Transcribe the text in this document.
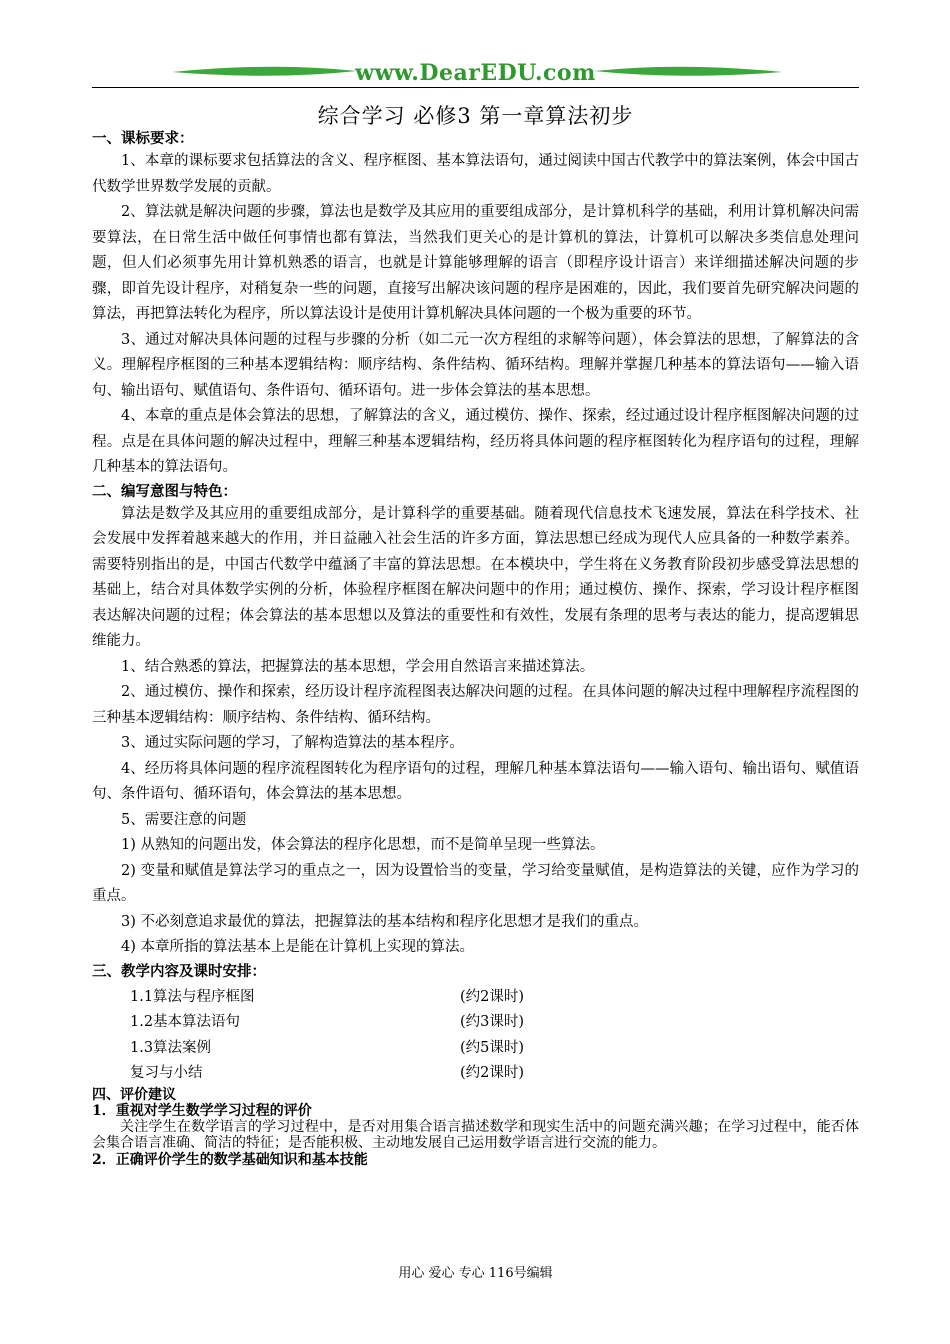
www.DearEDU.com
综合学习 必修3 第一章算法初步

一、课标要求：

1、本章的课标要求包括算法的含义、程序框图、基本算法语句，通过阅读中国古代教学中的算法案例，体会中国古代数学世界数学发展的贡献。

2、算法就是解决问题的步骤，算法也是数学及其应用的重要组成部分，是计算机科学的基础，利用计算机解决问需要算法，在日常生活中做任何事情也都有算法，当然我们更关心的是计算机的算法，计算机可以解决多类信息处理问题，但人们必须事先用计算机熟悉的语言，也就是计算能够理解的语言（即程序设计语言）来详细描述解决问题的步骤，即首先设计程序，对稍复杂一些的问题，直接写出解决该问题的程序是困难的，因此，我们要首先研究解决问题的算法，再把算法转化为程序，所以算法设计是使用计算机解决具体问题的一个极为重要的环节。

3、通过对解决具体问题的过程与步骤的分析（如二元一次方程组的求解等问题），体会算法的思想，了解算法的含义。理解程序框图的三种基本逻辑结构：顺序结构、条件结构、循环结构。理解并掌握几种基本的算法语句——输入语句、输出语句、赋值语句、条件语句、循环语句。进一步体会算法的基本思想。

4、本章的重点是体会算法的思想，了解算法的含义，通过模仿、操作、探索，经过通过设计程序框图解决问题的过程。点是在具体问题的解决过程中，理解三种基本逻辑结构，经历将具体问题的程序框图转化为程序语句的过程，理解几种基本的算法语句。

二、编写意图与特色：

算法是数学及其应用的重要组成部分，是计算科学的重要基础。随着现代信息技术飞速发展，算法在科学技术、社会发展中发挥着越来越大的作用，并日益融入社会生活的许多方面，算法思想已经成为现代人应具备的一种数学素养。需要特别指出的是，中国古代数学中蕴涵了丰富的算法思想。在本模块中，学生将在义务教育阶段初步感受算法思想的基础上，结合对具体数学实例的分析，体验程序框图在解决问题中的作用；通过模仿、操作、探索，学习设计程序框图表达解决问题的过程；体会算法的基本思想以及算法的重要性和有效性，发展有条理的思考与表达的能力，提高逻辑思维能力。

1、结合熟悉的算法，把握算法的基本思想，学会用自然语言来描述算法。

2、通过模仿、操作和探索，经历设计程序流程图表达解决问题的过程。在具体问题的解决过程中理解程序流程图的三种基本逻辑结构：顺序结构、条件结构、循环结构。

3、通过实际问题的学习，了解构造算法的基本程序。

4、经历将具体问题的程序流程图转化为程序语句的过程，理解几种基本算法语句——输入语句、输出语句、赋值语句、条件语句、循环语句，体会算法的基本思想。

5、需要注意的问题

1) 从熟知的问题出发，体会算法的程序化思想，而不是简单呈现一些算法。

2) 变量和赋值是算法学习的重点之一，因为设置恰当的变量，学习给变量赋值，是构造算法的关键，应作为学习的重点。

3) 不必刻意追求最优的算法，把握算法的基本结构和程序化思想才是我们的重点。

4) 本章所指的算法基本上是能在计算机上实现的算法。

三、教学内容及课时安排：

1.1算法与程序框图	(约2课时)
1.2基本算法语句	(约3课时)
1.3算法案例	(约5课时)
复习与小结	(约2课时)

四、评价建议

1．重视对学生数学学习过程的评价

关注学生在数学语言的学习过程中，是否对用集合语言描述数学和现实生活中的问题充满兴趣；在学习过程中，能否体会集合语言准确、简洁的特征；是否能积极、主动地发展自己运用数学语言进行交流的能力。

2．正确评价学生的数学基础知识和基本技能

用心 爱心 专心 116号编辑
